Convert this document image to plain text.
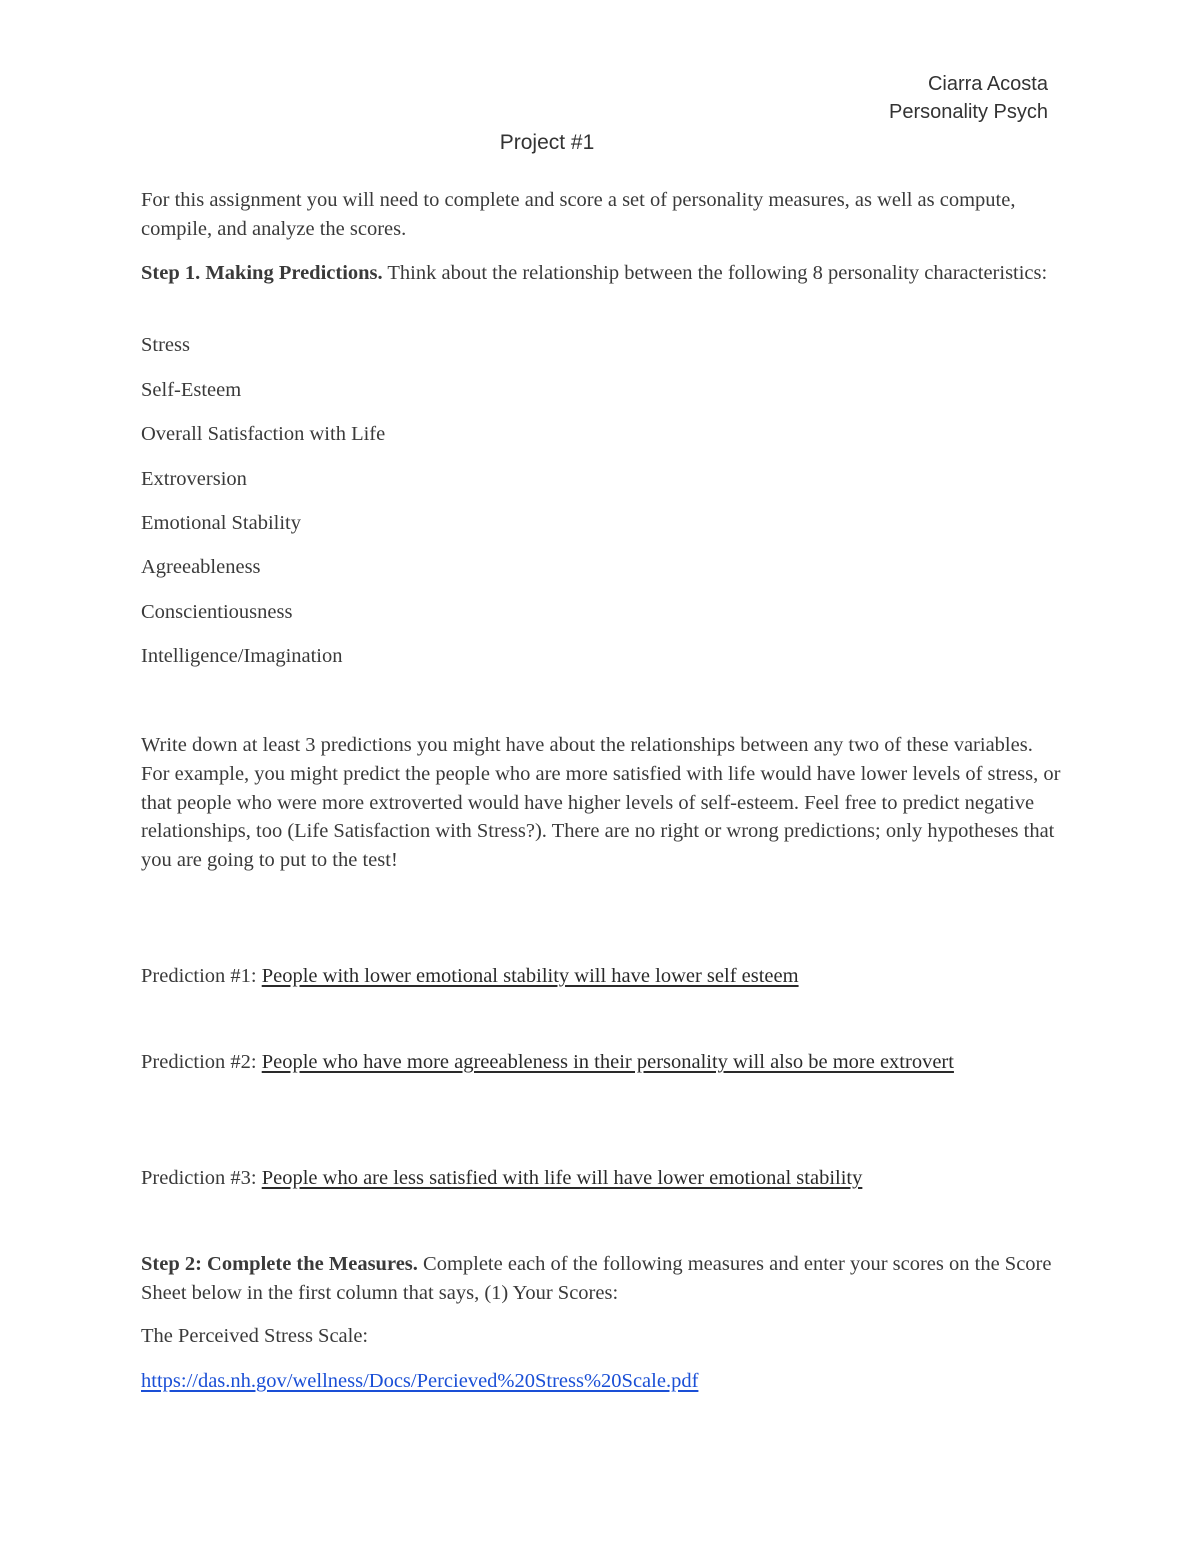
Ciarra Acosta
Personality Psych
Project #1
For this assignment you will need to complete and score a set of personality measures, as well as compute, compile, and analyze the scores.
Step 1. Making Predictions. Think about the relationship between the following 8 personality characteristics:
Stress
Self-Esteem
Overall Satisfaction with Life
Extroversion
Emotional Stability
Agreeableness
Conscientiousness
Intelligence/Imagination
Write down at least 3 predictions you might have about the relationships between any two of these variables. For example, you might predict the people who are more satisfied with life would have lower levels of stress, or that people who were more extroverted would have higher levels of self-esteem. Feel free to predict negative relationships, too (Life Satisfaction with Stress?). There are no right or wrong predictions; only hypotheses that you are going to put to the test!
Prediction #1: People with lower emotional stability will have lower self esteem
Prediction #2: People who have more agreeableness in their personality will also be more extrovert
Prediction #3: People who are less satisfied with life will have lower emotional stability
Step 2: Complete the Measures. Complete each of the following measures and enter your scores on the Score Sheet below in the first column that says, (1) Your Scores:
The Perceived Stress Scale:
https://das.nh.gov/wellness/Docs/Percieved%20Stress%20Scale.pdf
